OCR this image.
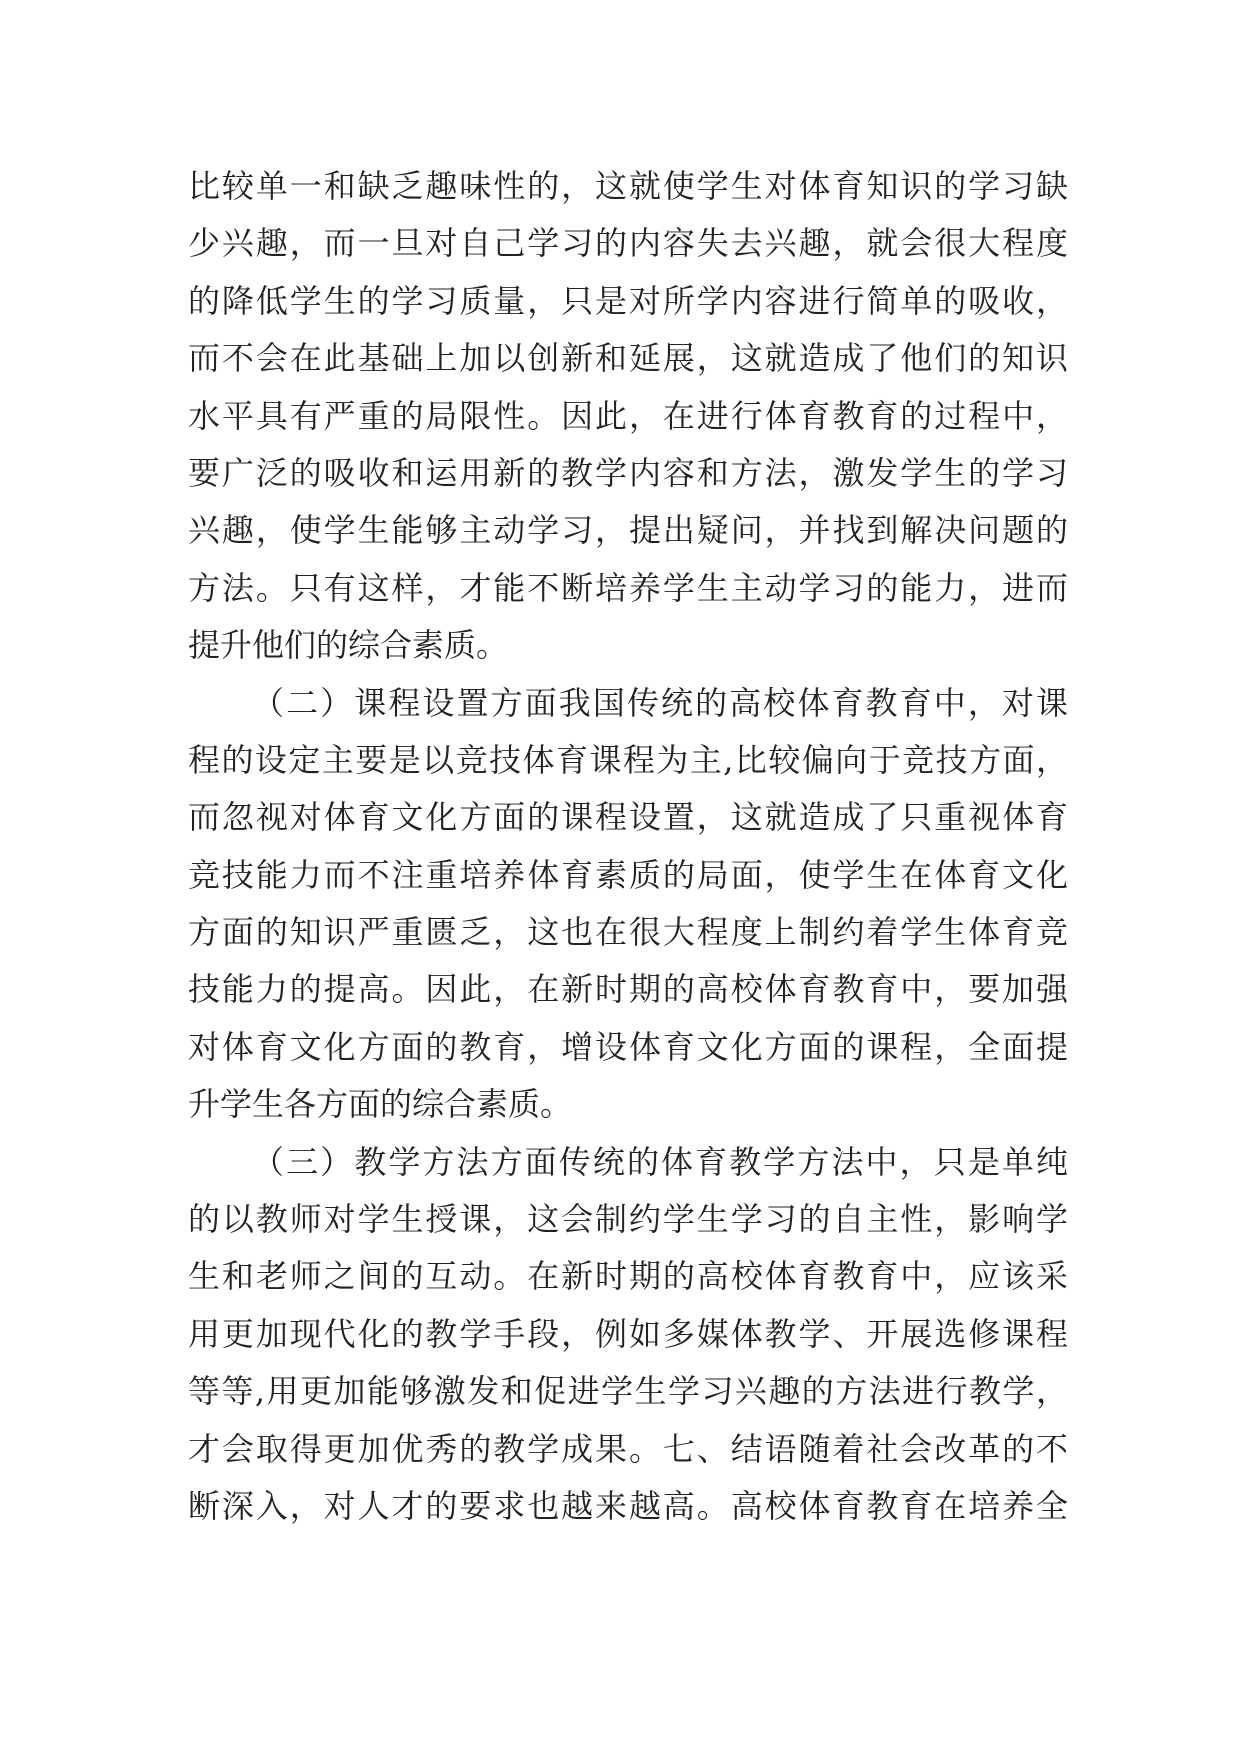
比较单一和缺乏趣味性的，这就使学生对体育知识的学习缺
少兴趣，而一旦对自己学习的内容失去兴趣，就会很大程度
的降低学生的学习质量，只是对所学内容进行简单的吸收，
而不会在此基础上加以创新和延展，这就造成了他们的知识
水平具有严重的局限性。因此，在进行体育教育的过程中，
要广泛的吸收和运用新的教学内容和方法，激发学生的学习
兴趣，使学生能够主动学习，提出疑问，并找到解决问题的
方法。只有这样，才能不断培养学生主动学习的能力，进而
提升他们的综合素质。
（二）课程设置方面我国传统的高校体育教育中，对课
程的设定主要是以竞技体育课程为主,比较偏向于竞技方面，
而忽视对体育文化方面的课程设置，这就造成了只重视体育
竞技能力而不注重培养体育素质的局面，使学生在体育文化
方面的知识严重匮乏，这也在很大程度上制约着学生体育竞
技能力的提高。因此，在新时期的高校体育教育中，要加强
对体育文化方面的教育，增设体育文化方面的课程，全面提
升学生各方面的综合素质。
（三）教学方法方面传统的体育教学方法中，只是单纯
的以教师对学生授课，这会制约学生学习的自主性，影响学
生和老师之间的互动。在新时期的高校体育教育中，应该采
用更加现代化的教学手段，例如多媒体教学、开展选修课程
等等,用更加能够激发和促进学生学习兴趣的方法进行教学，
才会取得更加优秀的教学成果。七、结语随着社会改革的不
断深入，对人才的要求也越来越高。高校体育教育在培养全
